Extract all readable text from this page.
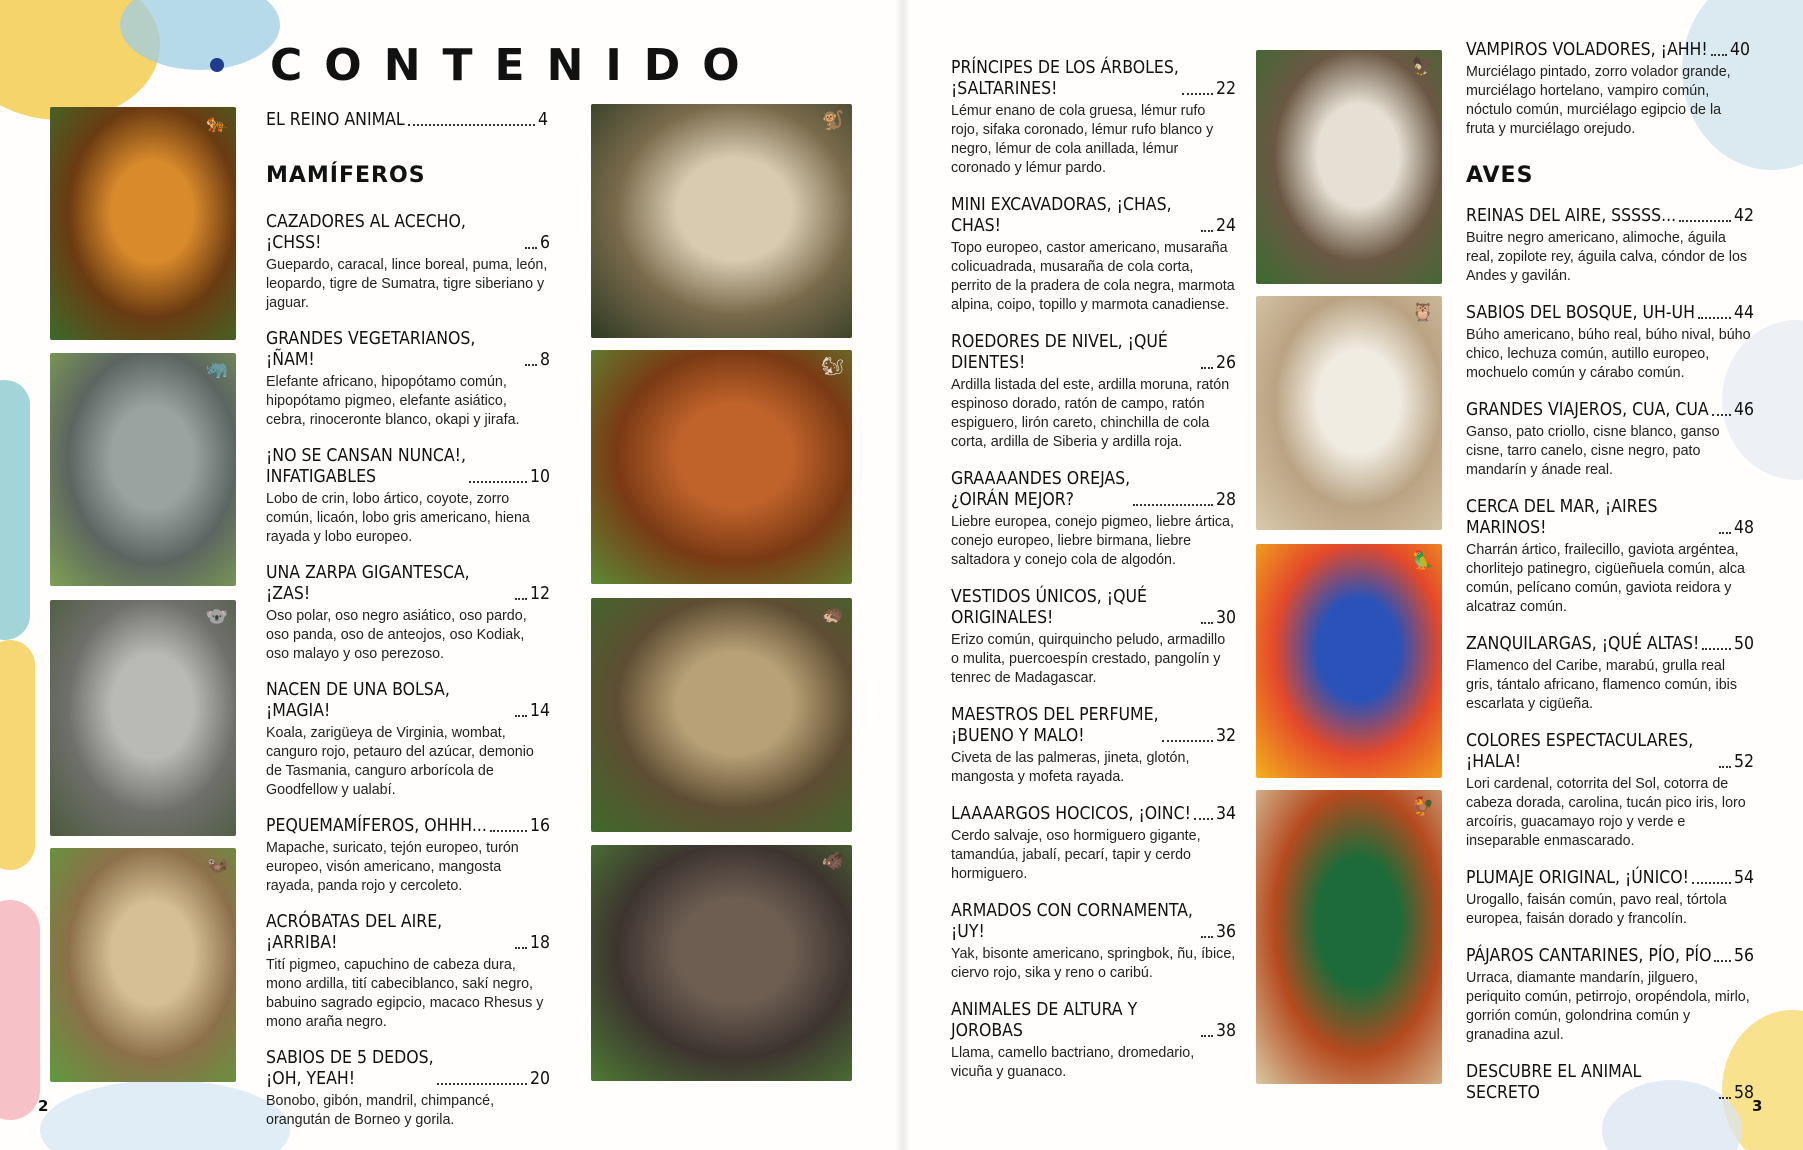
CONTENIDO
EL REINO ANIMAL	4
MAMÍFEROS	AVES
CAZADORES AL ACECHO, ¡CHSS!	6
Guepardo, caracal, lince boreal, puma, león, leopardo, tigre de Sumatra, tigre siberiano y jaguar.
GRANDES VEGETARIANOS, ¡ÑAM!	8
Elefante africano, hipopótamo común, hipopótamo pigmeo, elefante asiático, cebra, rinoceronte blanco, okapi y jirafa.
¡NO SE CANSAN NUNCA!,
INFATIGABLES	10
Lobo de crin, lobo ártico, coyote, zorro común, licaón, lobo gris americano, hiena rayada y lobo europeo.
UNA ZARPA GIGANTESCA, ¡ZAS!	12
Oso polar, oso negro asiático, oso pardo, oso panda, oso de anteojos, oso Kodiak, oso malayo y oso perezoso.
NACEN DE UNA BOLSA, ¡MAGIA!	14
Koala, zarigüeya de Virginia, wombat, canguro rojo, petauro del azúcar, demonio de Tasmania, canguro arborícola de Goodfellow y ualabí.
PEQUEMAMÍFEROS, OHHH... 16
Mapache, suricato, tejón europeo, turón europeo, visón americano, mangosta rayada, panda rojo y cercoleto.
ACRÓBATAS DEL AIRE, ¡ARRIBA!	18
Tití pigmeo, capuchino de cabeza dura, mono ardilla, tití cabeciblanco, sakí negro, babuino sagrado egipcio, macaco Rhesus y mono araña negro.
SABIOS DE 5 DEDOS,
¡OH, YEAH!	20
Bonobo, gibón, mandril, chimpancé, orangután de Borneo y gorila.
PRÍNCIPES DE LOS ÁRBOLES,
¡SALTARINES!	22
Lémur enano de cola gruesa, lémur rufo rojo, sifaka coronado, lémur rufo blanco y negro, lémur de cola anillada, lémur coronado y lémur pardo.
MINI EXCAVADORAS, ¡CHAS, CHAS!	24
Topo europeo, castor americano, musaraña colicuadrada, musaraña de cola corta, perrito de la pradera de cola negra, marmota alpina, coipo, topillo y marmota canadiense.
ROEDORES DE NIVEL, ¡QUÉ DIENTES!	26
Ardilla listada del este, ardilla moruna, ratón espinoso dorado, ratón de campo, ratón espiguero, lirón careto, chinchilla de cola corta, ardilla de Siberia y ardilla roja.
GRAAAANDES OREJAS,
¿OIRÁN MEJOR?	28
Liebre europea, conejo pigmeo, liebre ártica, conejo europeo, liebre birmana, liebre saltadora y conejo cola de algodón.
VESTIDOS ÚNICOS, ¡QUÉ ORIGINALES!	30
Erizo común, quirquincho peludo, armadillo o mulita, puercoespín crestado, pangolín y tenrec de Madagascar.
MAESTROS DEL PERFUME,
¡BUENO Y MALO!	32
Civeta de las palmeras, jineta, glotón, mangosta y mofeta rayada.
LAAAARGOS HOCICOS, ¡OINC! 34
Cerdo salvaje, oso hormiguero gigante, tamandúa, jabalí, pecarí, tapir y cerdo hormiguero.
ARMADOS CON CORNAMENTA, ¡UY!	36
Yak, bisonte americano, springbok, ñu, íbice, ciervo rojo, sika y reno o caribú.
ANIMALES DE ALTURA Y JOROBAS	38
Llama, camello bactriano, dromedario, vicuña y guanaco.
VAMPIROS VOLADORES, ¡AHH! 40
Murciélago pintado, zorro volador grande, murciélago hortelano, vampiro común, nóctulo común, murciélago egipcio de la fruta y murciélago orejudo.
REINAS DEL AIRE, SSSSS...	42
Buitre negro americano, alimoche, águila real, zopilote rey, águila calva, cóndor de los Andes y gavilán.
SABIOS DEL BOSQUE, UH-UH 44
Búho americano, búho real, búho nival, búho chico, lechuza común, autillo europeo, mochuelo común y cárabo común.
GRANDES VIAJEROS, CUA, CUA 46
Ganso, pato criollo, cisne blanco, ganso cisne, tarro canelo, cisne negro, pato mandarín y ánade real.
CERCA DEL MAR, ¡AIRES MARINOS!	48
Charrán ártico, frailecillo, gaviota argéntea, chorlitejo patinegro, cigüeñuela común, alca común, pelícano común, gaviota reidora y alcatraz común.
ZANQUILARGAS, ¡QUÉ ALTAS! 50
Flamenco del Caribe, marabú, grulla real gris, tántalo africano, flamenco común, ibis escarlata y cigüeña.
COLORES ESPECTACULARES, ¡HALA!	52
Lori cardenal, cotorrita del Sol, cotorra de cabeza dorada, carolina, tucán pico iris, loro arcoíris, guacamayo rojo y verde e inseparable enmascarado.
PLUMAJE ORIGINAL, ¡ÚNICO!	54
Urogallo, faisán común, pavo real, tórtola europea, faisán dorado y francolín.
PÁJAROS CANTARINES, PÍO, PÍO 56
Urraca, diamante mandarín, jilguero, periquito común, petirrojo, oropéndola, mirlo, gorrión común, golondrina común y granadina azul.
DESCUBRE EL ANIMAL SECRETO	58
🐅
🦏
🐨
🦦
🐒
🐿
🦔
🐗
🦅
🦉
🦜
🐓
2	3
